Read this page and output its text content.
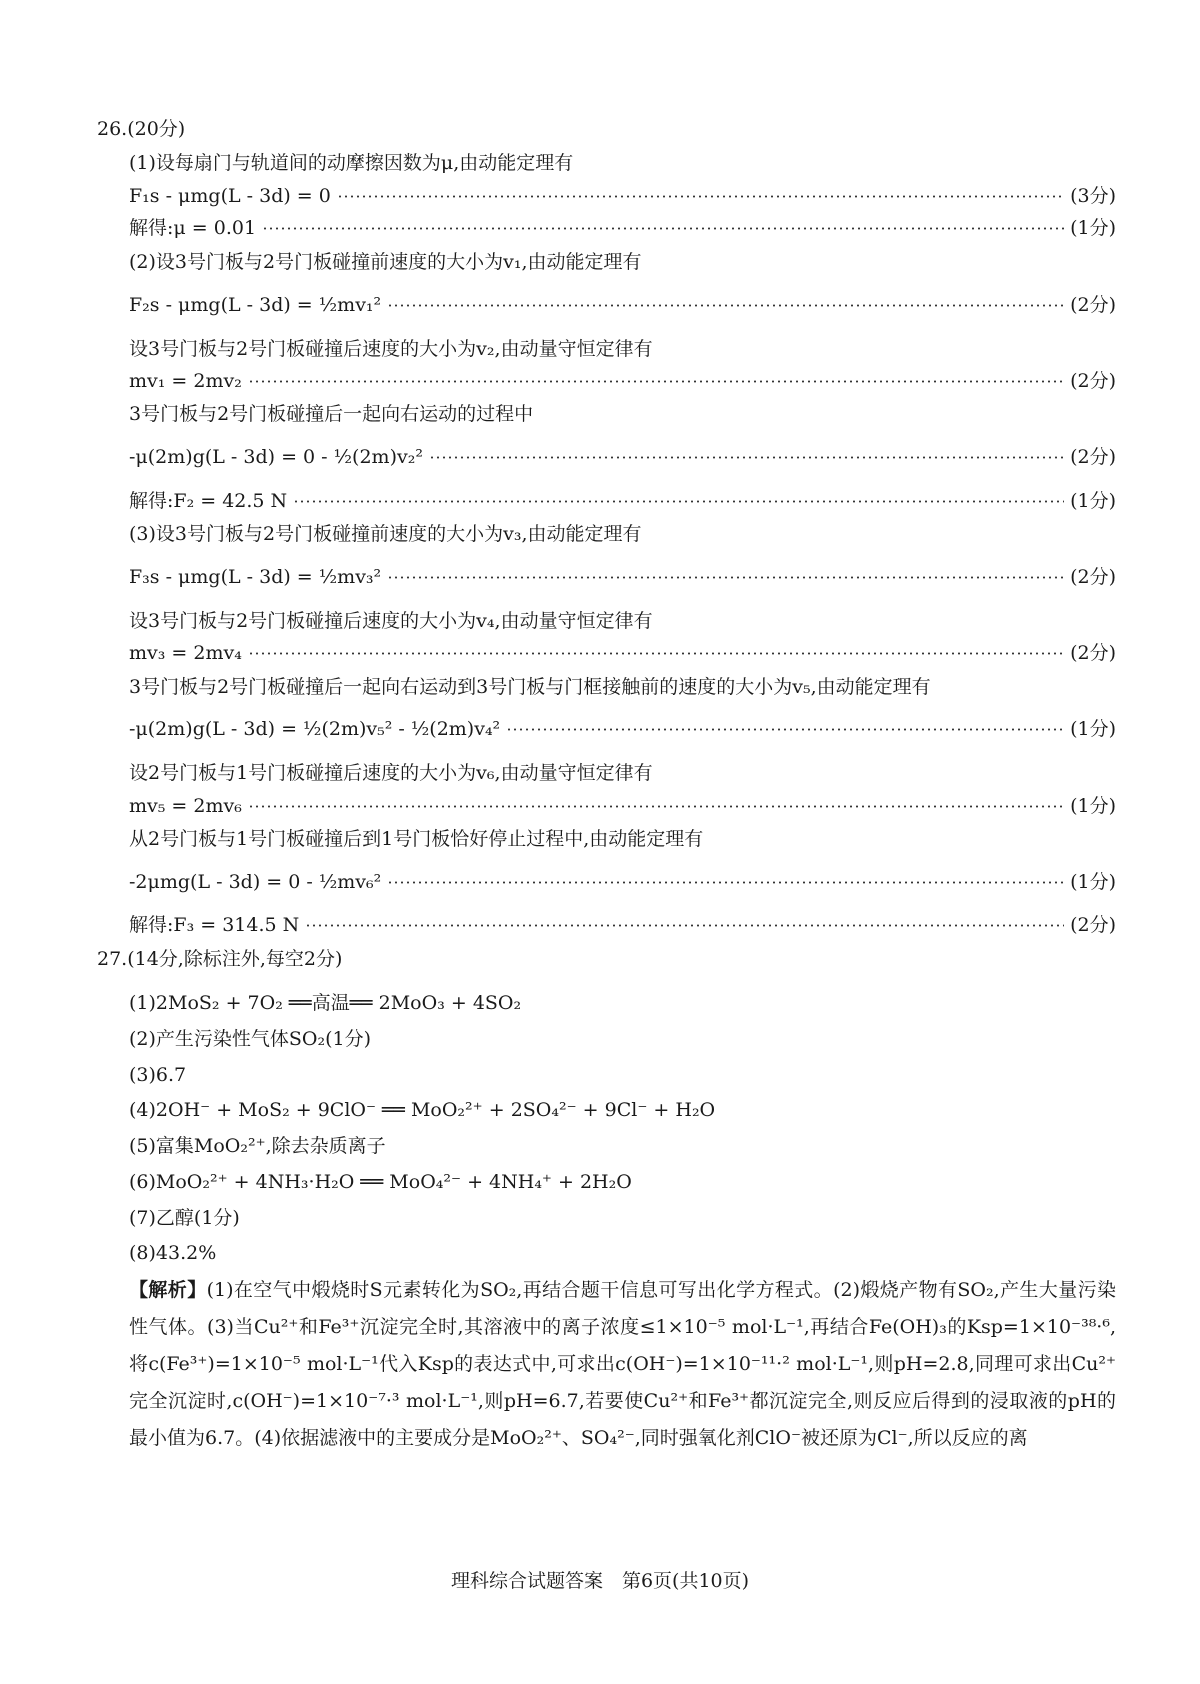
26.(20分)
(1)设每扇门与轨道间的动摩擦因数为μ,由动能定理有
F₁s - μmg(L - 3d) = 0	(3分)
解得:μ = 0.01	(1分)
(2)设3号门板与2号门板碰撞前速度的大小为v₁,由动能定理有
F₂s - μmg(L - 3d) = ½mv₁²	(2分)
设3号门板与2号门板碰撞后速度的大小为v₂,由动量守恒定律有
mv₁ = 2mv₂	(2分)
3号门板与2号门板碰撞后一起向右运动的过程中
-μ(2m)g(L - 3d) = 0 - ½(2m)v₂²	(2分)
解得:F₂ = 42.5 N	(1分)
(3)设3号门板与2号门板碰撞前速度的大小为v₃,由动能定理有
F₃s - μmg(L - 3d) = ½mv₃²	(2分)
设3号门板与2号门板碰撞后速度的大小为v₄,由动量守恒定律有
mv₃ = 2mv₄	(2分)
3号门板与2号门板碰撞后一起向右运动到3号门板与门框接触前的速度的大小为v₅,由动能定理有
-μ(2m)g(L - 3d) = ½(2m)v₅² - ½(2m)v₄²	(1分)
设2号门板与1号门板碰撞后速度的大小为v₆,由动量守恒定律有
mv₅ = 2mv₆	(1分)
从2号门板与1号门板碰撞后到1号门板恰好停止过程中,由动能定理有
-2μmg(L - 3d) = 0 - ½mv₆²	(1分)
解得:F₃ = 314.5 N	(2分)
27.(14分,除标注外,每空2分)
(1)2MoS₂ + 7O₂ ══高温══ 2MoO₃ + 4SO₂
(2)产生污染性气体SO₂(1分)
(3)6.7
(4)2OH⁻ + MoS₂ + 9ClO⁻ ══ MoO₂²⁺ + 2SO₄²⁻ + 9Cl⁻ + H₂O
(5)富集MoO₂²⁺,除去杂质离子
(6)MoO₂²⁺ + 4NH₃·H₂O ══ MoO₄²⁻ + 4NH₄⁺ + 2H₂O
(7)乙醇(1分)
(8)43.2%
【解析】(1)在空气中煅烧时S元素转化为SO₂,再结合题干信息可写出化学方程式。(2)煅烧产物有SO₂,产生大量污染性气体。(3)当Cu²⁺和Fe³⁺沉淀完全时,其溶液中的离子浓度≤1×10⁻⁵ mol·L⁻¹,再结合Fe(OH)₃的Ksp=1×10⁻³⁸·⁶,将c(Fe³⁺)=1×10⁻⁵ mol·L⁻¹代入Ksp的表达式中,可求出c(OH⁻)=1×10⁻¹¹·² mol·L⁻¹,则pH=2.8,同理可求出Cu²⁺完全沉淀时,c(OH⁻)=1×10⁻⁷·³ mol·L⁻¹,则pH=6.7,若要使Cu²⁺和Fe³⁺都沉淀完全,则反应后得到的浸取液的pH的最小值为6.7。(4)依据滤液中的主要成分是MoO₂²⁺、SO₄²⁻,同时强氧化剂ClO⁻被还原为Cl⁻,所以反应的离
理科综合试题答案　第6页(共10页)
